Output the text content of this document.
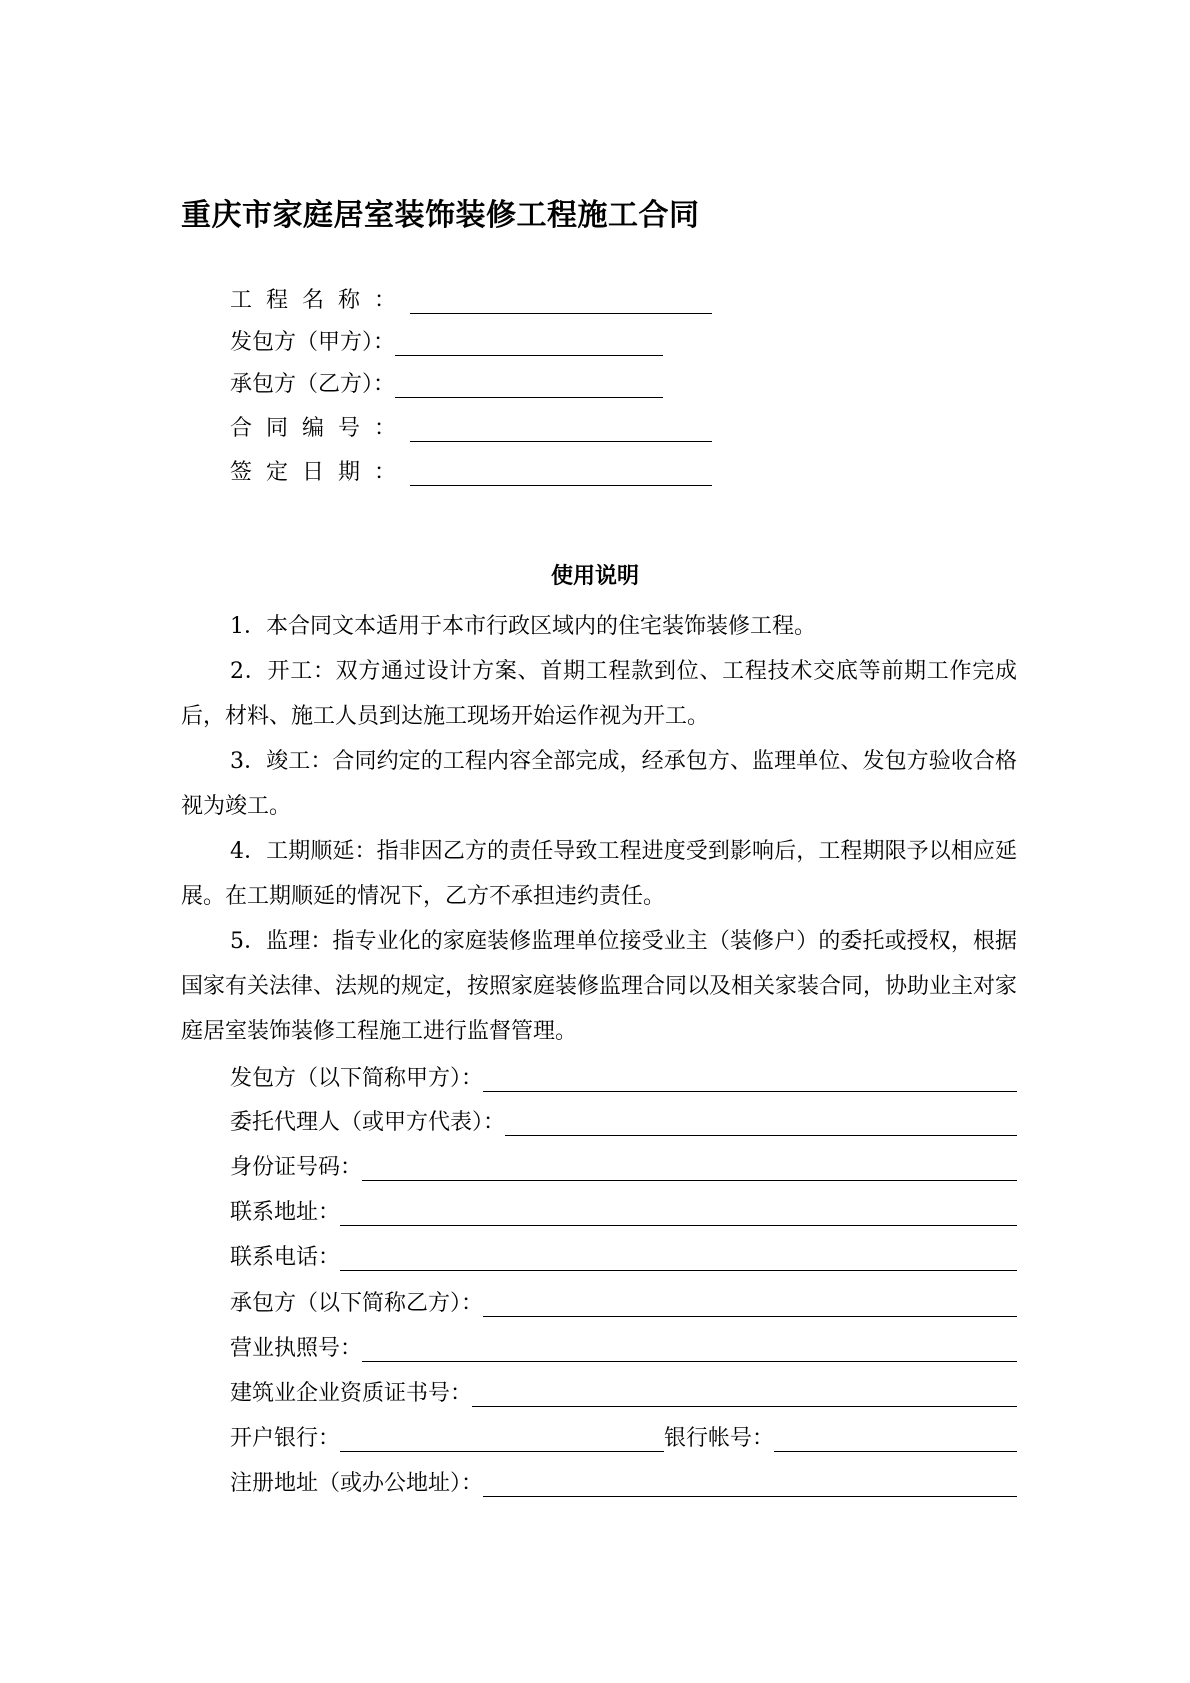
重庆市家庭居室装饰装修工程施工合同
工程名称：
发包方（甲方）：
承包方（乙方）：
合同编号：
签定日期：
使用说明

1．本合同文本适用于本市行政区域内的住宅装饰装修工程。

2．开工：双方通过设计方案、首期工程款到位、工程技术交底等前期工作完成后，材料、施工人员到达施工现场开始运作视为开工。

3．竣工：合同约定的工程内容全部完成，经承包方、监理单位、发包方验收合格视为竣工。

4．工期顺延：指非因乙方的责任导致工程进度受到影响后，工程期限予以相应延展。在工期顺延的情况下，乙方不承担违约责任。

5．监理：指专业化的家庭装修监理单位接受业主（装修户）的委托或授权，根据国家有关法律、法规的规定，按照家庭装修监理合同以及相关家装合同，协助业主对家庭居室装饰装修工程施工进行监督管理。

发包方（以下简称甲方）：
委托代理人（或甲方代表）：
身份证号码：
联系地址：
联系电话：
承包方（以下简称乙方）：
营业执照号：
建筑业企业资质证书号：
开户银行：	银行帐号：
注册地址（或办公地址）：
